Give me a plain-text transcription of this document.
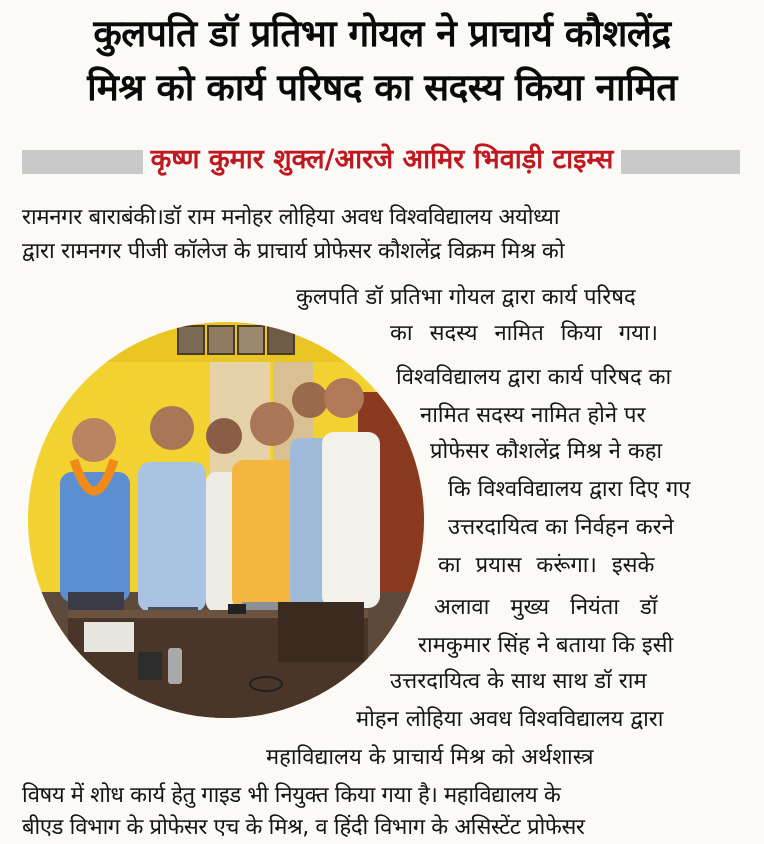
कुलपति डॉ प्रतिभा गोयल ने प्राचार्य कौशलेंद्र
मिश्र को कार्य परिषद का सदस्य किया नामित
कृष्ण कुमार शुक्ल/आरजे आमिर भिवाड़ी टाइम्स
रामनगर बाराबंकी।डॉ राम मनोहर लोहिया अवध विश्वविद्यालय अयोध्या
द्वारा रामनगर पीजी कॉलेज के प्राचार्य प्रोफेसर कौशलेंद्र विक्रम मिश्र को
कुलपति डॉ प्रतिभा गोयल द्वारा कार्य परिषद
का सदस्य नामित किया गया।
विश्वविद्यालय द्वारा कार्य परिषद का
नामित सदस्य नामित होने पर
प्रोफेसर कौशलेंद्र मिश्र ने कहा
कि विश्वविद्यालय द्वारा दिए गए
उत्तरदायित्व का निर्वहन करने
का प्रयास करूंगा। इसके
अलावा मुख्य नियंता डॉ
रामकुमार सिंह ने बताया कि इसी
उत्तरदायित्व के साथ साथ डॉ राम
मोहन लोहिया अवध विश्वविद्यालय द्वारा
महाविद्यालय के प्राचार्य मिश्र को अर्थशास्त्र
विषय में शोध कार्य हेतु गाइड भी नियुक्त किया गया है। महाविद्यालय के
बीएड विभाग के प्रोफेसर एच के मिश्र, व हिंदी विभाग के असिस्टेंट प्रोफेसर
